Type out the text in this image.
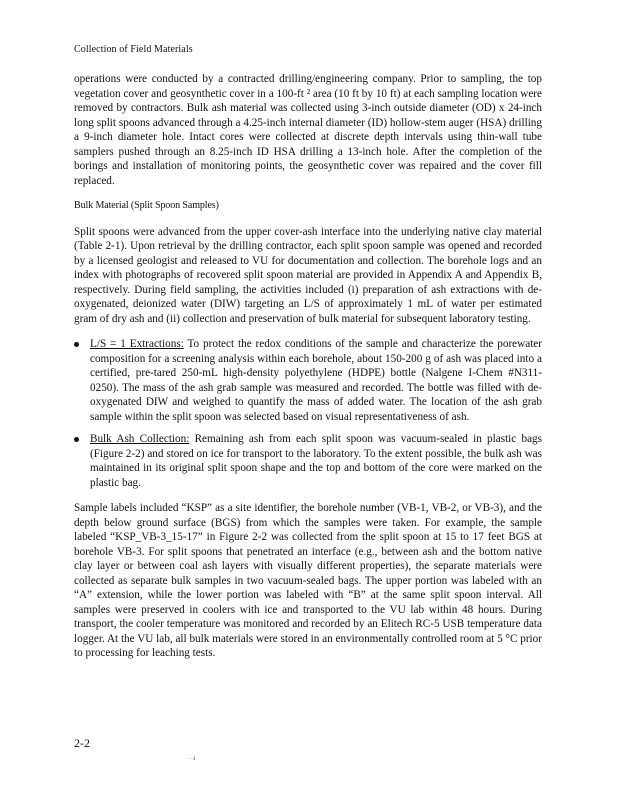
Collection of Field Materials

operations were conducted by a contracted drilling/engineering company. Prior to sampling, the top vegetation cover and geosynthetic cover in a 100-ft ² area (10 ft by 10 ft) at each sampling location were removed by contractors. Bulk ash material was collected using 3-inch outside diameter (OD) x 24-inch long split spoons advanced through a 4.25-inch internal diameter (ID) hollow-stem auger (HSA) drilling a 9-inch diameter hole. Intact cores were collected at discrete depth intervals using thin-wall tube samplers pushed through an 8.25-inch ID HSA drilling a 13-inch hole. After the completion of the borings and installation of monitoring points, the geosynthetic cover was repaired and the cover fill replaced.

Bulk Material (Split Spoon Samples)

Split spoons were advanced from the upper cover-ash interface into the underlying native clay material (Table 2-1). Upon retrieval by the drilling contractor, each split spoon sample was opened and recorded by a licensed geologist and released to VU for documentation and collection. The borehole logs and an index with photographs of recovered split spoon material are provided in Appendix A and Appendix B, respectively. During field sampling, the activities included (i) preparation of ash extractions with de-oxygenated, deionized water (DIW) targeting an L/S of approximately 1 mL of water per estimated gram of dry ash and (ii) collection and preservation of bulk material for subsequent laboratory testing.

L/S = 1 Extractions: To protect the redox conditions of the sample and characterize the porewater composition for a screening analysis within each borehole, about 150-200 g of ash was placed into a certified, pre-tared 250-mL high-density polyethylene (HDPE) bottle (Nalgene I-Chem #N311-0250). The mass of the ash grab sample was measured and recorded. The bottle was filled with de-oxygenated DIW and weighed to quantify the mass of added water. The location of the ash grab sample within the split spoon was selected based on visual representativeness of ash.
Bulk Ash Collection: Remaining ash from each split spoon was vacuum-sealed in plastic bags (Figure 2-2) and stored on ice for transport to the laboratory. To the extent possible, the bulk ash was maintained in its original split spoon shape and the top and bottom of the core were marked on the plastic bag.

Sample labels included “KSP” as a site identifier, the borehole number (VB-1, VB-2, or VB-3), and the depth below ground surface (BGS) from which the samples were taken. For example, the sample labeled “KSP_VB-3_15-17” in Figure 2-2 was collected from the split spoon at 15 to 17 feet BGS at borehole VB-3. For split spoons that penetrated an interface (e.g., between ash and the bottom native clay layer or between coal ash layers with visually different properties), the separate materials were collected as separate bulk samples in two vacuum-sealed bags. The upper portion was labeled with an “A” extension, while the lower portion was labeled with “B” at the same split spoon interval. All samples were preserved in coolers with ice and transported to the VU lab within 48 hours. During transport, the cooler temperature was monitored and recorded by an Elitech RC-5 USB temperature data logger. At the VU lab, all bulk materials were stored in an environmentally controlled room at 5 °C prior to processing for leaching tests.

2-2
· ·4
